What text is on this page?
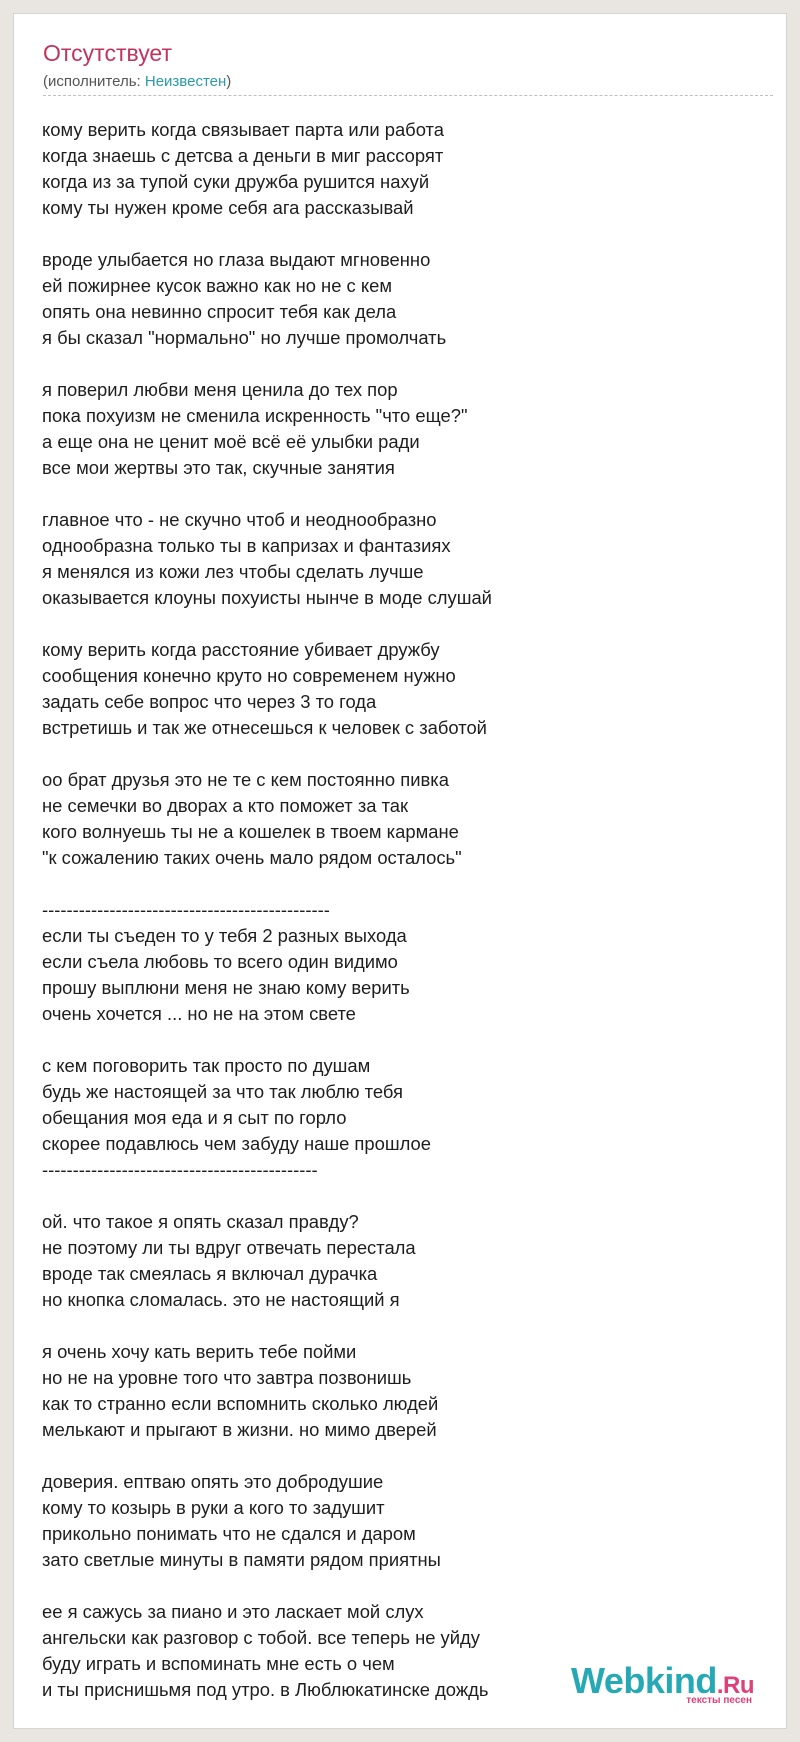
Отсутствует
(исполнитель: Неизвестен)
кому верить когда связывает парта или работа
когда знаешь с детсва а деньги в миг рассорят
когда из за тупой суки дружба рушится нахуй
кому ты нужен кроме себя ага рассказывай
вроде улыбается но глаза выдают мгновенно
ей пожирнее кусок важно как но не с кем
опять она невинно спросит тебя как дела
я бы сказал "нормально" но лучше промолчать
я поверил любви меня ценила до тех пор
пока похуизм не сменила искренность "что еще?"
а еще она не ценит моё всё её улыбки ради
все мои жертвы это так, скучные занятия
главное что - не скучно чтоб и неоднообразно
однообразна только ты в капризах и фантазиях
я менялся из кожи лез чтобы сделать лучше
оказывается клоуны похуисты нынче в моде слушай
кому верить когда расстояние убивает дружбу
сообщения конечно круто но современем нужно
задать себе вопрос что через 3 то года
встретишь и так же отнесешься к человек с заботой
оо брат друзья это не те с кем постоянно пивка
не семечки во дворах а кто поможет за так
кого волнуешь ты не а кошелек в твоем кармане
"к сожалению таких очень мало рядом осталось"
-----------------------------------------------
если ты съеден то у тебя 2 разных выхода
если съела любовь то всего один видимо
прошу выплюни меня не знаю кому верить
очень хочется ... но не на этом свете
с кем поговорить так просто по душам
будь же настоящей за что так люблю тебя
обещания моя еда и я сыт по горло
скорее подавлюсь чем забуду наше прошлое
---------------------------------------------
ой. что такое я опять сказал правду?
не поэтому ли ты вдруг отвечать перестала
вроде так смеялась я включал дурачка
но кнопка сломалась. это не настоящий я
я очень хочу кать верить тебе пойми
но не на уровне того что завтра позвонишь
как то странно если вспомнить сколько людей
мелькают и прыгают в жизни. но мимо дверей
доверия. ептваю опять это добродушие
кому то козырь в руки а кого то задушит
прикольно понимать что не сдался и даром
зато светлые минуты в памяти рядом приятны
ее я сажусь за пиано и это ласкает мой слух
ангельски как разговор с тобой. все теперь не уйду
буду играть и вспоминать мне есть о чем
и ты приснишьмя под утро. в Люблюкатинске дождь	Webkind.Ru
тексты песен
